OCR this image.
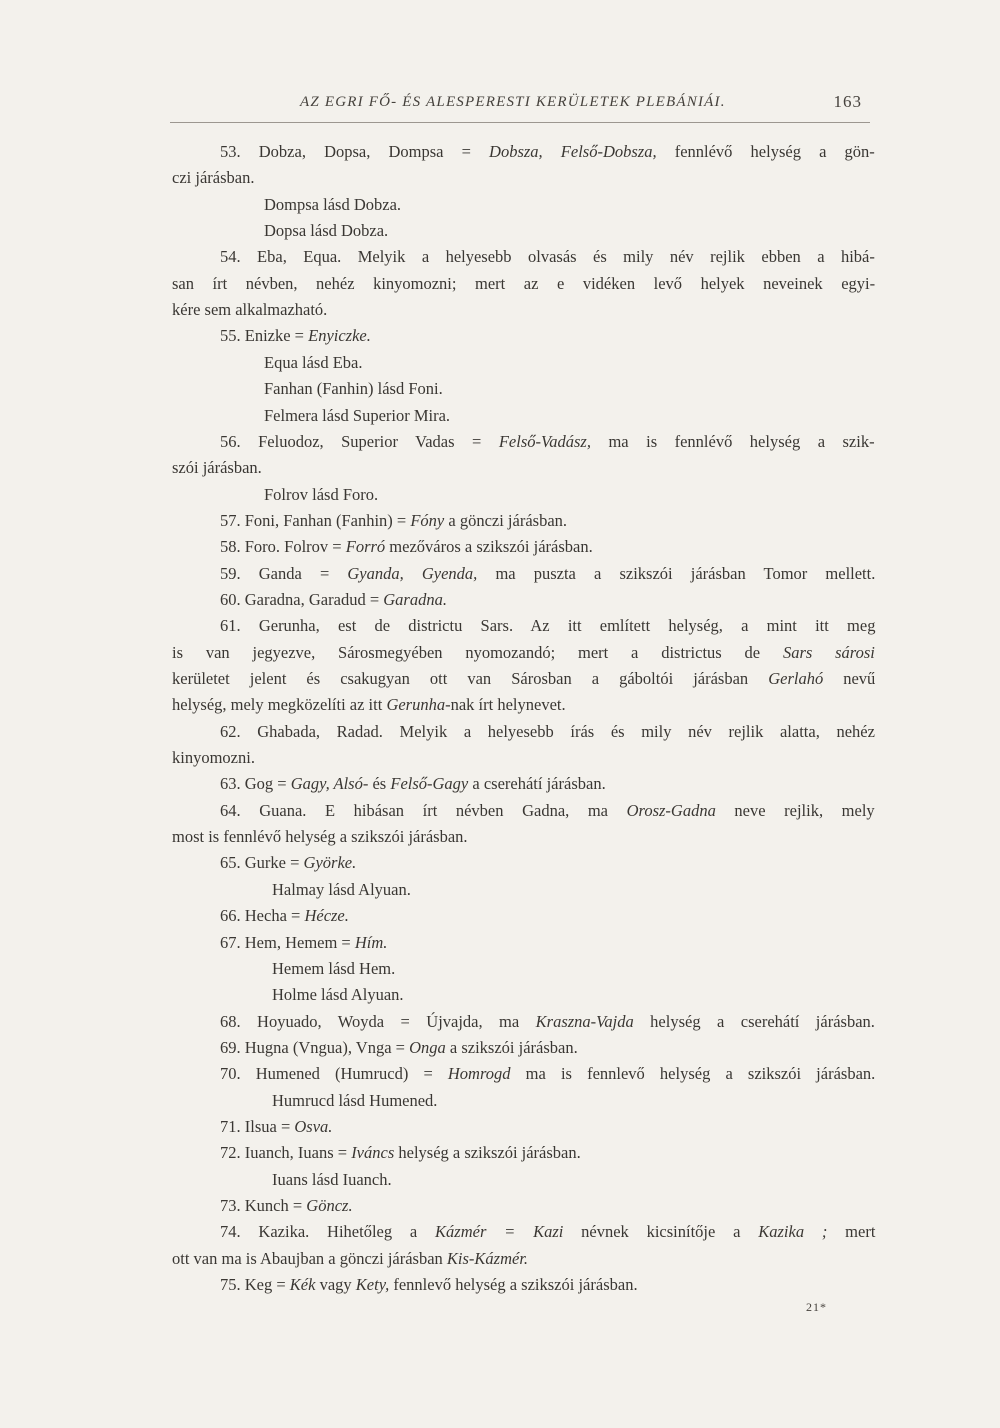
AZ EGRI FŐ- ÉS ALESPERESTI KERÜLETEK PLEBÁNIÁI.	163
53. Dobza, Dopsa, Dompsa = Dobsza, Felső-Dobsza, fennlévő helység a gön-
czi járásban.
Dompsa lásd Dobza.
Dopsa lásd Dobza.
54. Eba, Equa. Melyik a helyesebb olvasás és mily név rejlik ebben a hibá-
san írt névben, nehéz kinyomozni; mert az e vidéken levő helyek neveinek egyi-
kére sem alkalmazható.
55. Enizke = Enyiczke.
Equa lásd Eba.
Fanhan (Fanhin) lásd Foni.
Felmera lásd Superior Mira.
56. Feluodoz, Superior Vadas = Felső-Vadász, ma is fennlévő helység a szik-
szói járásban.
Folrov lásd Foro.
57. Foni, Fanhan (Fanhin) = Fóny a gönczi járásban.
58. Foro. Folrov = Forró mezőváros a szikszói járásban.
59. Ganda = Gyanda, Gyenda, ma puszta a szikszói járásban Tomor mellett.
60. Garadna, Garadud = Garadna.
61. Gerunha, est de districtu Sars. Az itt említett helység, a mint itt meg
is van jegyezve, Sárosmegyében nyomozandó; mert a districtus de Sars sárosi
kerületet jelent és csakugyan ott van Sárosban a gáboltói járásban Gerlahó nevű
helység, mely megközelíti az itt Gerunha-nak írt helynevet.
62. Ghabada, Radad. Melyik a helyesebb írás és mily név rejlik alatta, nehéz
kinyomozni.
63. Gog = Gagy, Alsó- és Felső-Gagy a cserehátí járásban.
64. Guana. E hibásan írt névben Gadna, ma Orosz-Gadna neve rejlik, mely
most is fennlévő helység a szikszói járásban.
65. Gurke = Györke.
Halmay lásd Alyuan.
66. Hecha = Hécze.
67. Hem, Hemem = Hím.
Hemem lásd Hem.
Holme lásd Alyuan.
68. Hoyuado, Woyda = Újvajda, ma Kraszna-Vajda helység a cserehátí járásban.
69. Hugna (Vngua), Vnga = Onga a szikszói járásban.
70. Humened (Humrucd) = Homrogd ma is fennlevő helység a szikszói járásban.
Humrucd lásd Humened.
71. Ilsua = Osva.
72. Iuanch, Iuans = Iváncs helység a szikszói járásban.
Iuans lásd Iuanch.
73. Kunch = Göncz.
74. Kazika. Hihetőleg a Kázmér = Kazi névnek kicsinítője a Kazika ; mert
ott van ma is Abaujban a gönczi járásban Kis-Kázmér.
75. Keg = Kék vagy Kety, fennlevő helység a szikszói járásban.
21*
